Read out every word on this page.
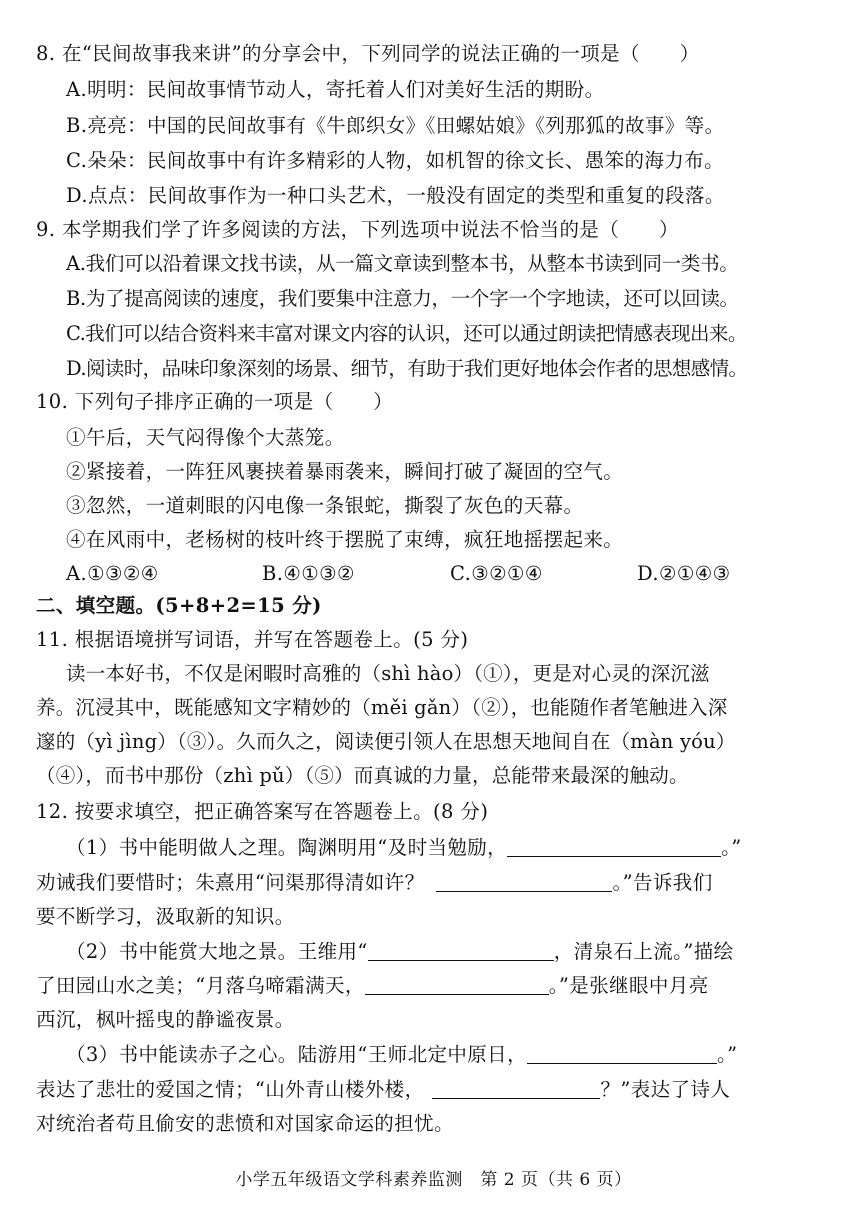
8. 在“民间故事我来讲”的分享会中，下列同学的说法正确的一项是（　　）
A.明明：民间故事情节动人，寄托着人们对美好生活的期盼。
B.亮亮：中国的民间故事有《牛郎织女》《田螺姑娘》《列那狐的故事》等。
C.朵朵：民间故事中有许多精彩的人物，如机智的徐文长、愚笨的海力布。
D.点点：民间故事作为一种口头艺术，一般没有固定的类型和重复的段落。
9. 本学期我们学了许多阅读的方法，下列选项中说法不恰当的是（　　）
A.我们可以沿着课文找书读，从一篇文章读到整本书，从整本书读到同一类书。
B.为了提高阅读的速度，我们要集中注意力，一个字一个字地读，还可以回读。
C.我们可以结合资料来丰富对课文内容的认识，还可以通过朗读把情感表现出来。
D.阅读时，品味印象深刻的场景、细节，有助于我们更好地体会作者的思想感情。
10. 下列句子排序正确的一项是（　　）
①午后，天气闷得像个大蒸笼。
②紧接着，一阵狂风裹挟着暴雨袭来，瞬间打破了凝固的空气。
③忽然，一道刺眼的闪电像一条银蛇，撕裂了灰色的天幕。
④在风雨中，老杨树的枝叶终于摆脱了束缚，疯狂地摇摆起来。
A.①③②④	B.④①③②	C.③②①④	D.②①④③
二、填空题。(5+8+2=15 分)
11. 根据语境拼写词语，并写在答题卷上。(5 分)
读一本好书，不仅是闲暇时高雅的（shì hào）（①），更是对心灵的深沉滋
养。沉浸其中，既能感知文字精妙的（měi gǎn）（②），也能随作者笔触进入深
邃的（yì jìng）（③）。久而久之，阅读便引领人在思想天地间自在（màn yóu）
（④），而书中那份（zhì pǔ）（⑤）而真诚的力量，总能带来最深的触动。
12. 按要求填空，把正确答案写在答题卷上。(8 分)
（1）书中能明做人之理。陶渊明用“及时当勉励，	。”
劝诫我们要惜时；朱熹用“问渠那得清如许？	。”告诉我们
要不断学习，汲取新的知识。
（2）书中能赏大地之景。王维用“	，清泉石上流。”描绘
了田园山水之美；“月落乌啼霜满天，	。”是张继眼中月亮
西沉，枫叶摇曳的静谧夜景。
（3）书中能读赤子之心。陆游用“王师北定中原日，	。”
表达了悲壮的爱国之情；“山外青山楼外楼，	？”表达了诗人
对统治者苟且偷安的悲愤和对国家命运的担忧。
小学五年级语文学科素养监测　第 2 页（共 6 页）
